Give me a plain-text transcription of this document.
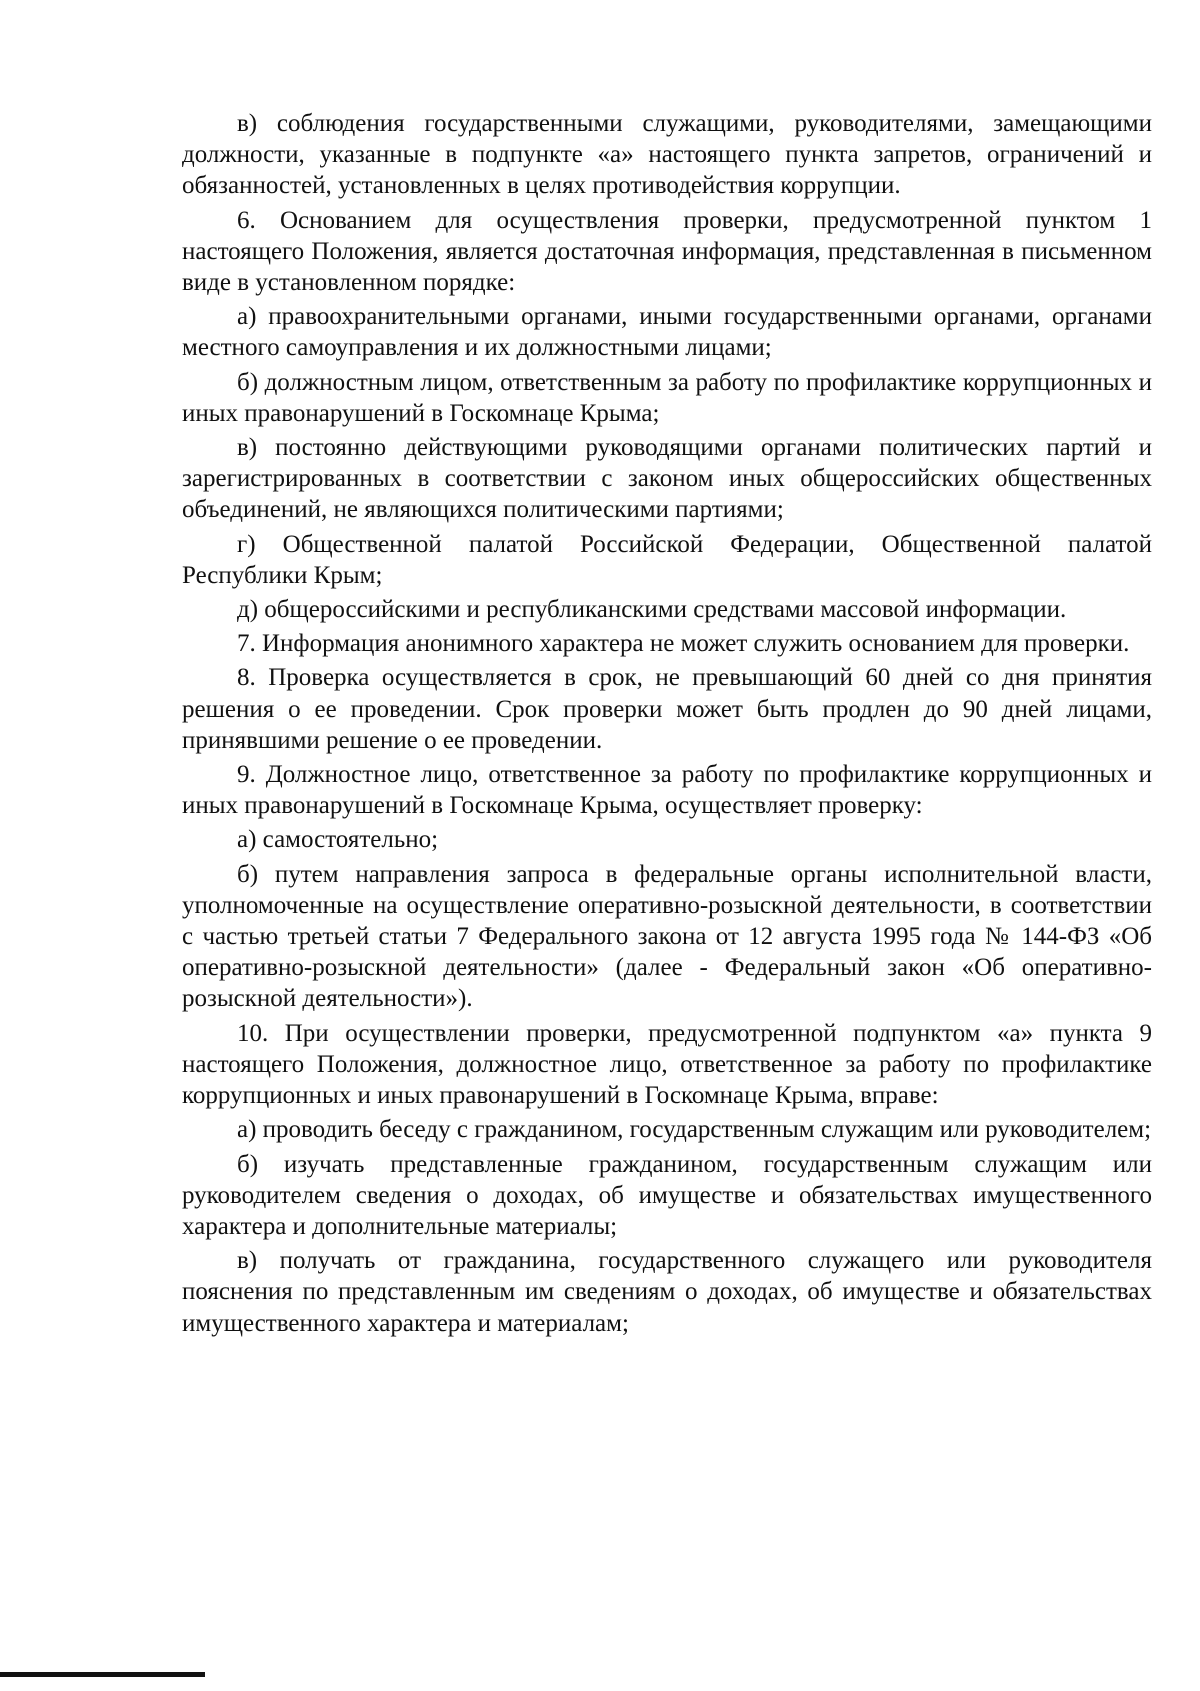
в) соблюдения государственными служащими, руководителями, замещающими должности, указанные в подпункте «а» настоящего пункта запретов, ограничений и обязанностей, установленных в целях противодействия коррупции.

6. Основанием для осуществления проверки, предусмотренной пунктом 1 настоящего Положения, является достаточная информация, представленная в письменном виде в установленном порядке:

а) правоохранительными органами, иными государственными органами, органами местного самоуправления и их должностными лицами;

б) должностным лицом, ответственным за работу по профилактике коррупционных и иных правонарушений в Госкомнаце Крыма;

в) постоянно действующими руководящими органами политических партий и зарегистрированных в соответствии с законом иных общероссийских общественных объединений, не являющихся политическими партиями;

г) Общественной палатой Российской Федерации, Общественной палатой Республики Крым;

д) общероссийскими и республиканскими средствами массовой информации.

7. Информация анонимного характера не может служить основанием для проверки.

8. Проверка осуществляется в срок, не превышающий 60 дней со дня принятия решения о ее проведении. Срок проверки может быть продлен до 90 дней лицами, принявшими решение о ее проведении.

9. Должностное лицо, ответственное за работу по профилактике коррупционных и иных правонарушений в Госкомнаце Крыма, осуществляет проверку:

а) самостоятельно;

б) путем направления запроса в федеральные органы исполнительной власти, уполномоченные на осуществление оперативно-розыскной деятельности, в соответствии с частью третьей статьи 7 Федерального закона от 12 августа 1995 года № 144-ФЗ «Об оперативно-розыскной деятельности» (далее - Федеральный закон «Об оперативно-розыскной деятельности»).

10. При осуществлении проверки, предусмотренной подпунктом «а» пункта 9 настоящего Положения, должностное лицо, ответственное за работу по профилактике коррупционных и иных правонарушений в Госкомнаце Крыма, вправе:

а) проводить беседу с гражданином, государственным служащим или руководителем;

б) изучать представленные гражданином, государственным служащим или руководителем сведения о доходах, об имуществе и обязательствах имущественного характера и дополнительные материалы;

в) получать от гражданина, государственного служащего или руководителя пояснения по представленным им сведениям о доходах, об имуществе и обязательствах имущественного характера и материалам;
